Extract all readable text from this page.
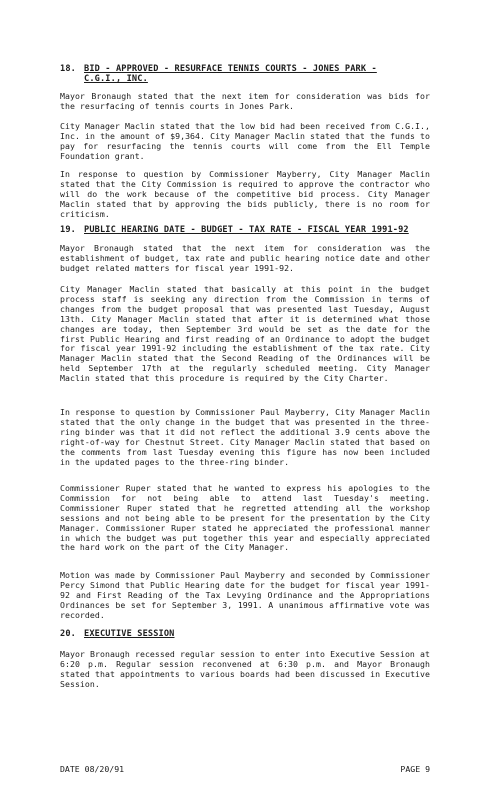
18. BID - APPROVED - RESURFACE TENNIS COURTS - JONES PARK -
C.G.I., INC.

Mayor Bronaugh stated that the next item for consideration was bids for the resurfacing of tennis courts in Jones Park.

City Manager Maclin stated that the low bid had been received from C.G.I., Inc. in the amount of $9,364. City Manager Maclin stated that the funds to pay for resurfacing the tennis courts will come from the Ell Temple Foundation grant.

In response to question by Commissioner Mayberry, City Manager Maclin stated that the City Commission is required to approve the contractor who will do the work because of the competitive bid process. City Manager Maclin stated that by approving the bids publicly, there is no room for criticism.

19. PUBLIC HEARING DATE - BUDGET - TAX RATE - FISCAL YEAR 1991-92

Mayor Bronaugh stated that the next item for consideration was the establishment of budget, tax rate and public hearing notice date and other budget related matters for fiscal year 1991-92.

City Manager Maclin stated that basically at this point in the budget process staff is seeking any direction from the Commission in terms of changes from the budget proposal that was presented last Tuesday, August 13th. City Manager Maclin stated that after it is determined what those changes are today, then September 3rd would be set as the date for the first Public Hearing and first reading of an Ordinance to adopt the budget for fiscal year 1991-92 including the establishment of the tax rate. City Manager Maclin stated that the Second Reading of the Ordinances will be held September 17th at the regularly scheduled meeting. City Manager Maclin stated that this procedure is required by the City Charter.

In response to question by Commissioner Paul Mayberry, City Manager Maclin stated that the only change in the budget that was presented in the three-ring binder was that it did not reflect the additional 3.9 cents above the right-of-way for Chestnut Street. City Manager Maclin stated that based on the comments from last Tuesday evening this figure has now been included in the updated pages to the three-ring binder.

Commissioner Ruper stated that he wanted to express his apologies to the Commission for not being able to attend last Tuesday's meeting. Commissioner Ruper stated that he regretted attending all the workshop sessions and not being able to be present for the presentation by the City Manager. Commissioner Ruper stated he appreciated the professional manner in which the budget was put together this year and especially appreciated the hard work on the part of the City Manager.

Motion was made by Commissioner Paul Mayberry and seconded by Commissioner Percy Simond that Public Hearing date for the budget for fiscal year 1991-92 and First Reading of the Tax Levying Ordinance and the Appropriations Ordinances be set for September 3, 1991. A unanimous affirmative vote was recorded.

20. EXECUTIVE SESSION

Mayor Bronaugh recessed regular session to enter into Executive Session at 6:20 p.m. Regular session reconvened at 6:30 p.m. and Mayor Bronaugh stated that appointments to various boards had been discussed in Executive Session.

DATE 08/20/91	PAGE 9
